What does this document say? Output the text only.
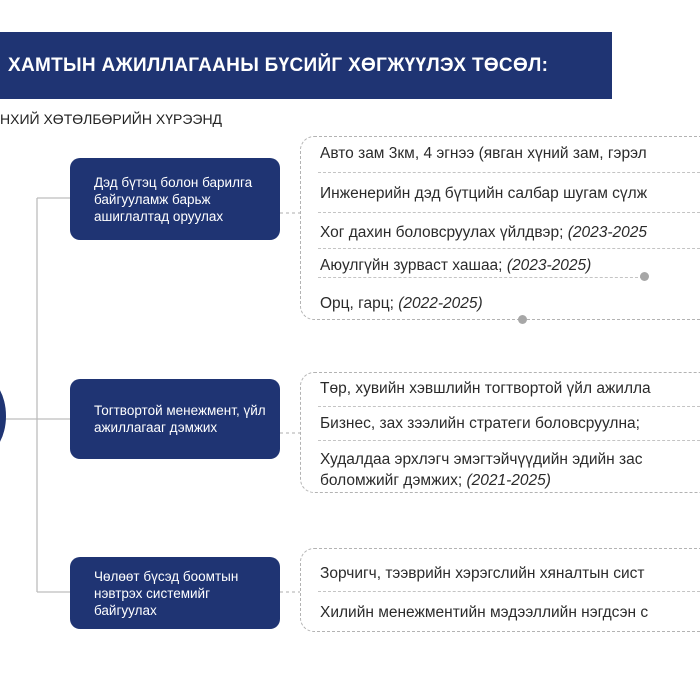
ХАМТЫН АЖИЛЛАГААНЫ БҮСИЙГ ХӨГЖҮҮЛЭХ ТӨСӨЛ:
НХИЙ ХӨТӨЛБӨРИЙН ХҮРЭЭНД
Дэд бүтэц болон барилга байгууламж барьж ашиглалтад оруулах
Авто зам 3км, 4 эгнээ (явган хүний зам, гэрэл
Инженерийн дэд бүтцийн салбар шугам сүлж
Хог дахин боловсруулах үйлдвэр; (2023-2025
Аюулгүйн зурваст хашаа; (2023-2025)
Орц, гарц; (2022-2025)
Тогтвортой менежмент, үйл ажиллагааг дэмжих
Төр, хувийн хэвшлийн тогтвортой үйл ажилла
Бизнес, зах зээлийн стратеги боловсруулна;
Худалдаа эрхлэгч эмэгтэйчүүдийн эдийн зас
боломжийг дэмжих; (2021-2025)
Чөлөөт бүсэд боомтын нэвтрэх системийг байгуулах
Зорчигч, тээврийн хэрэгслийн хяналтын сист
Хилийн менежментийн мэдээллийн нэгдсэн с
